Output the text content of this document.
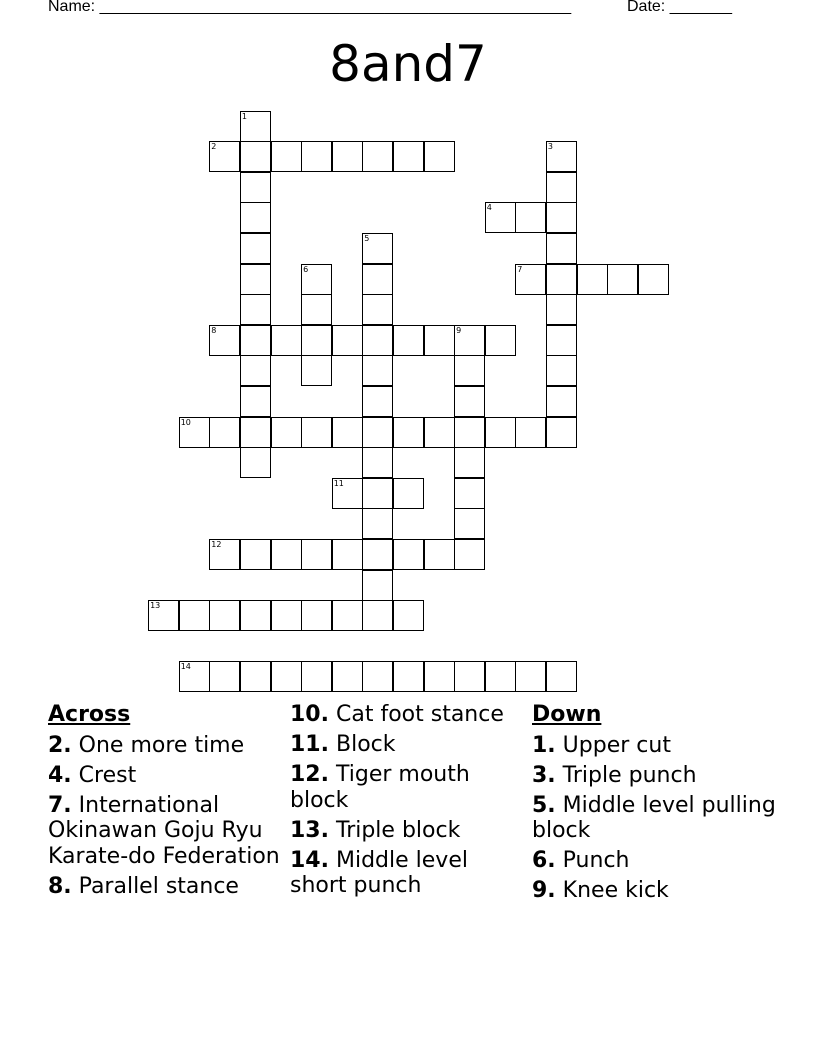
Name: _____________________________________________________	Date: _______
8and7
1
2	3
4
5
6	7
8	9
10
11
12
13
14
Across
2. One more time
4. Crest
7. International Okinawan Goju Ryu Karate-do Federation
8. Parallel stance
10. Cat foot stance
11. Block
12. Tiger mouth block
13. Triple block
14. Middle level short punch
Down
1. Upper cut
3. Triple punch
5. Middle level pulling block
6. Punch
9. Knee kick
